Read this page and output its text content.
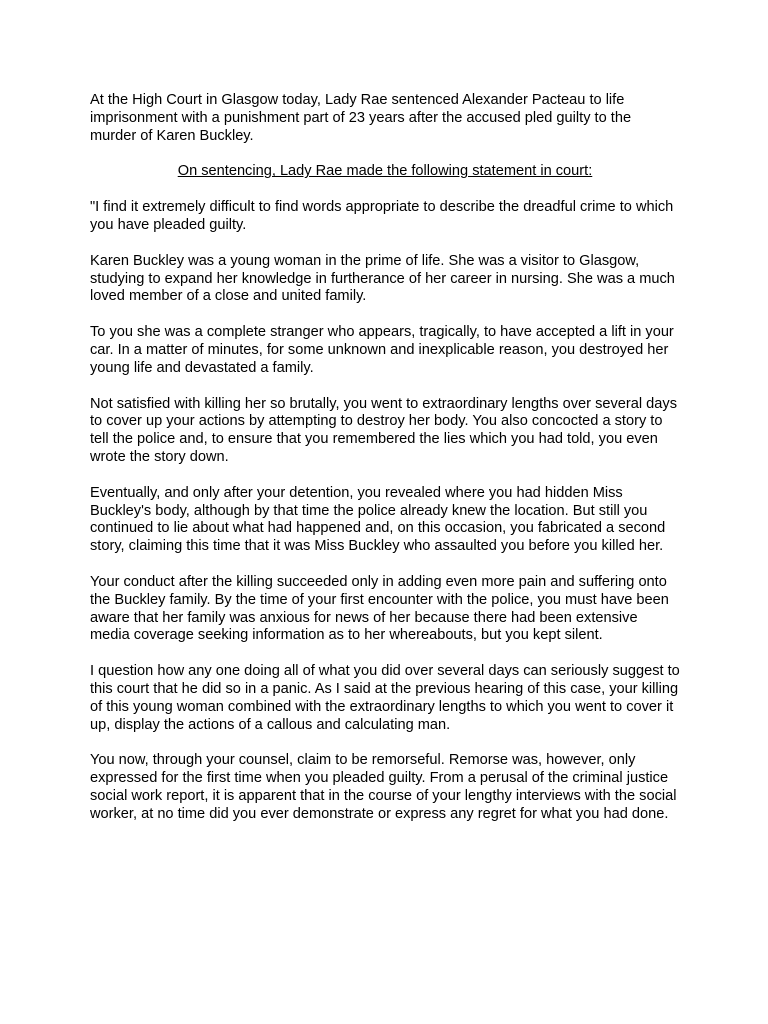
At the High Court in Glasgow today, Lady Rae sentenced Alexander Pacteau to life imprisonment with a punishment part of 23 years after the accused pled guilty to the murder of Karen Buckley.

On sentencing, Lady Rae made the following statement in court:

"I find it extremely difficult to find words appropriate to describe the dreadful crime to which you have pleaded guilty.

Karen Buckley was a young woman in the prime of life. She was a visitor to Glasgow, studying to expand her knowledge in furtherance of her career in nursing. She was a much loved member of a close and united family.

To you she was a complete stranger who appears, tragically, to have accepted a lift in your car. In a matter of minutes, for some unknown and inexplicable reason, you destroyed her young life and devastated a family.

Not satisfied with killing her so brutally, you went to extraordinary lengths over several days to cover up your actions by attempting to destroy her body. You also concocted a story to tell the police and, to ensure that you remembered the lies which you had told, you even wrote the story down.

Eventually, and only after your detention, you revealed where you had hidden Miss Buckley's body, although by that time the police already knew the location. But still you continued to lie about what had happened and, on this occasion, you fabricated a second story, claiming this time that it was Miss Buckley who assaulted you before you killed her.

Your conduct after the killing succeeded only in adding even more pain and suffering onto the Buckley family. By the time of your first encounter with the police, you must have been aware that her family was anxious for news of her because there had been extensive media coverage seeking information as to her whereabouts, but you kept silent.

I question how any one doing all of what you did over several days can seriously suggest to this court that he did so in a panic. As I said at the previous hearing of this case, your killing of this young woman combined with the extraordinary lengths to which you went to cover it up, display the actions of a callous and calculating man.

You now, through your counsel, claim to be remorseful. Remorse was, however, only expressed for the first time when you pleaded guilty. From a perusal of the criminal justice social work report, it is apparent that in the course of your lengthy interviews with the social worker, at no time did you ever demonstrate or express any regret for what you had done.
